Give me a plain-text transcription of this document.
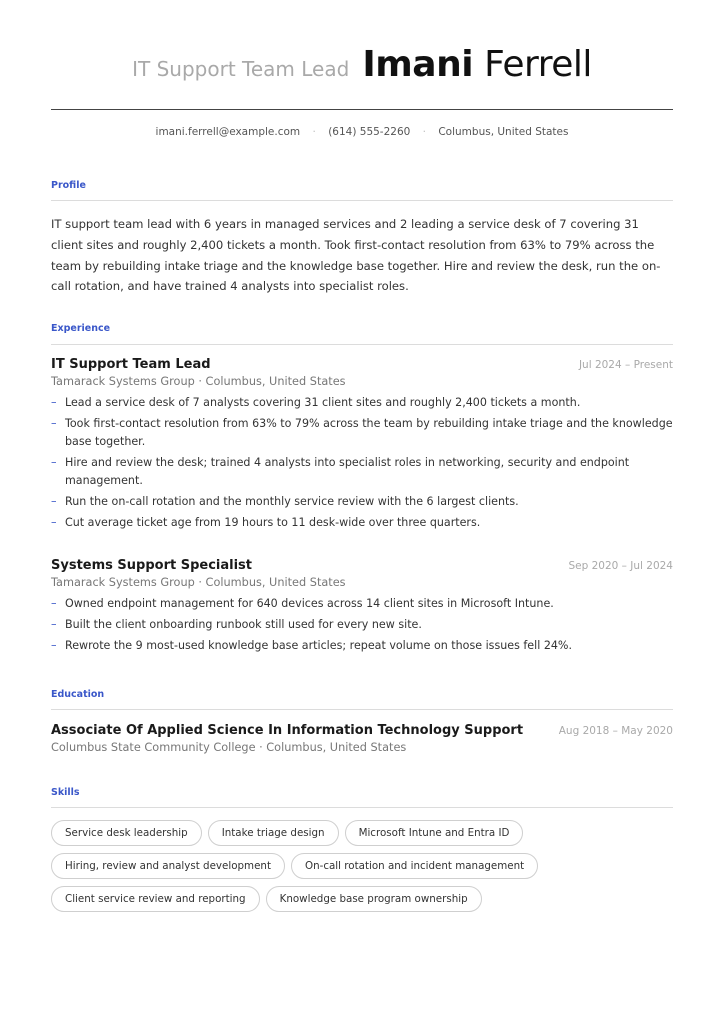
IT Support Team Lead Imani Ferrell
imani.ferrell@example.com · (614) 555-2260 · Columbus, United States
Profile
IT support team lead with 6 years in managed services and 2 leading a service desk of 7 covering 31 client sites and roughly 2,400 tickets a month. Took first-contact resolution from 63% to 79% across the team by rebuilding intake triage and the knowledge base together. Hire and review the desk, run the on-call rotation, and have trained 4 analysts into specialist roles.
Experience
IT Support Team Lead	Jul 2024 – Present
Tamarack Systems Group · Columbus, United States
– Lead a service desk of 7 analysts covering 31 client sites and roughly 2,400 tickets a month.
– Took first-contact resolution from 63% to 79% across the team by rebuilding intake triage and the knowledge base together.
– Hire and review the desk; trained 4 analysts into specialist roles in networking, security and endpoint management.
– Run the on-call rotation and the monthly service review with the 6 largest clients.
– Cut average ticket age from 19 hours to 11 desk-wide over three quarters.
Systems Support Specialist	Sep 2020 – Jul 2024
Tamarack Systems Group · Columbus, United States
– Owned endpoint management for 640 devices across 14 client sites in Microsoft Intune.
– Built the client onboarding runbook still used for every new site.
– Rewrote the 9 most-used knowledge base articles; repeat volume on those issues fell 24%.
Education
Associate Of Applied Science In Information Technology Support	Aug 2018 – May 2020
Columbus State Community College · Columbus, United States
Skills
Service desk leadership	Intake triage design	Microsoft Intune and Entra ID
Hiring, review and analyst development	On-call rotation and incident management
Client service review and reporting	Knowledge base program ownership
